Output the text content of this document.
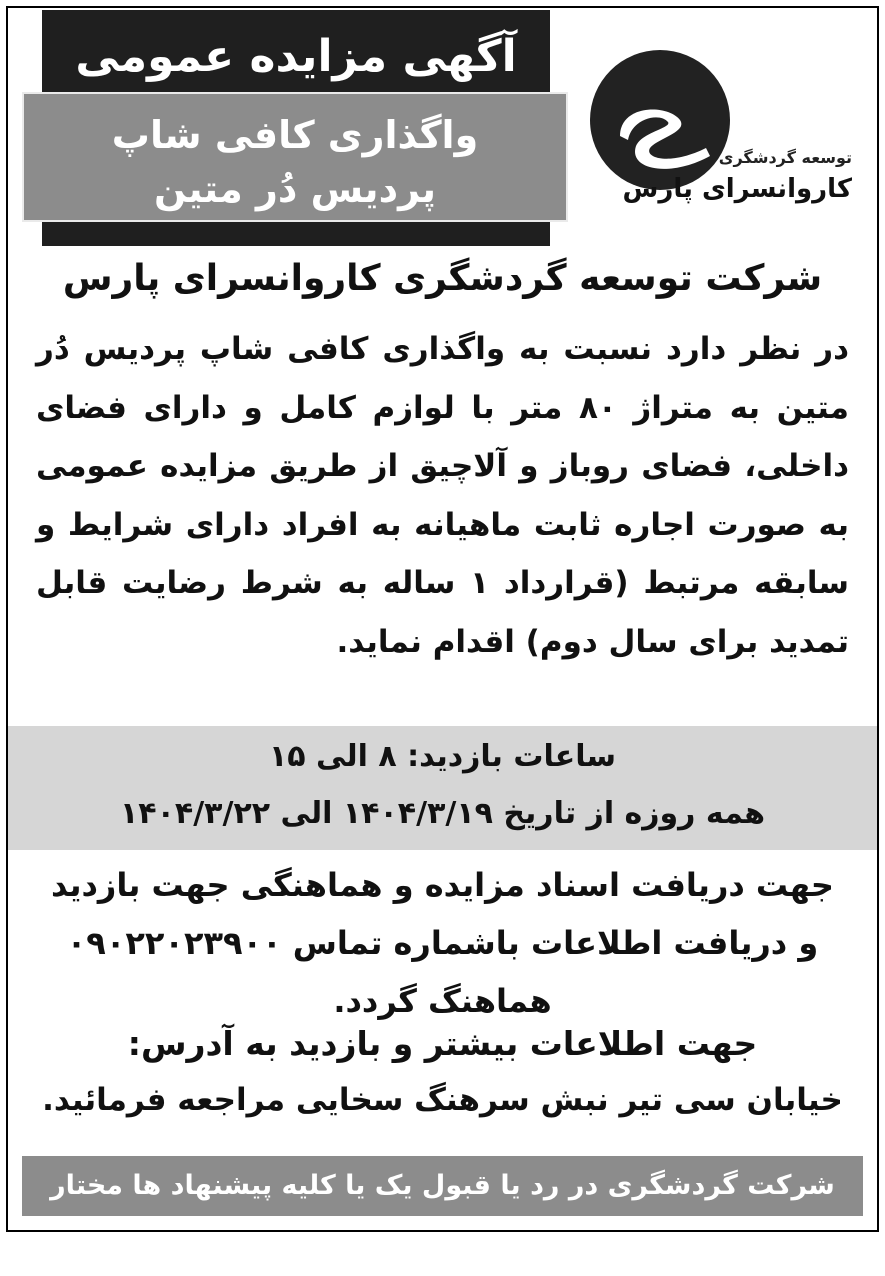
آگهی مزایده عمومی
واگذاری کافی شاپ
پردیس دُر متین
توسعه گردشگری
کاروانسرای پارس
شرکت توسعه گردشگری کاروانسرای پارس
در نظر دارد نسبت به واگذاری کافی شاپ پردیس دُر متین به متراژ ۸۰ متر با لوازم کامل و دارای فضای داخلی، فضای روباز و آلاچیق از طریق مزایده عمومی به صورت اجاره ثابت ماهیانه به افراد دارای شرایط و سابقه مرتبط (قرارداد ۱ ساله به شرط رضایت قابل تمدید برای سال دوم) اقدام نماید.
ساعات بازدید: ۸ الی ۱۵
همه روزه از تاریخ ۱۴۰۴/۳/۱۹ الی ۱۴۰۴/۳/۲۲
جهت دریافت اسناد مزایده و هماهنگی جهت بازدید
و دریافت اطلاعات باشماره تماس ۰۹۰۲۲۰۲۳۹۰۰
هماهنگ گردد.
جهت اطلاعات بیشتر و بازدید به آدرس:
خیابان سی تیر نبش سرهنگ سخایی مراجعه فرمائید.
شرکت گردشگری در رد یا قبول یک یا کلیه پیشنهاد ها مختار است.
